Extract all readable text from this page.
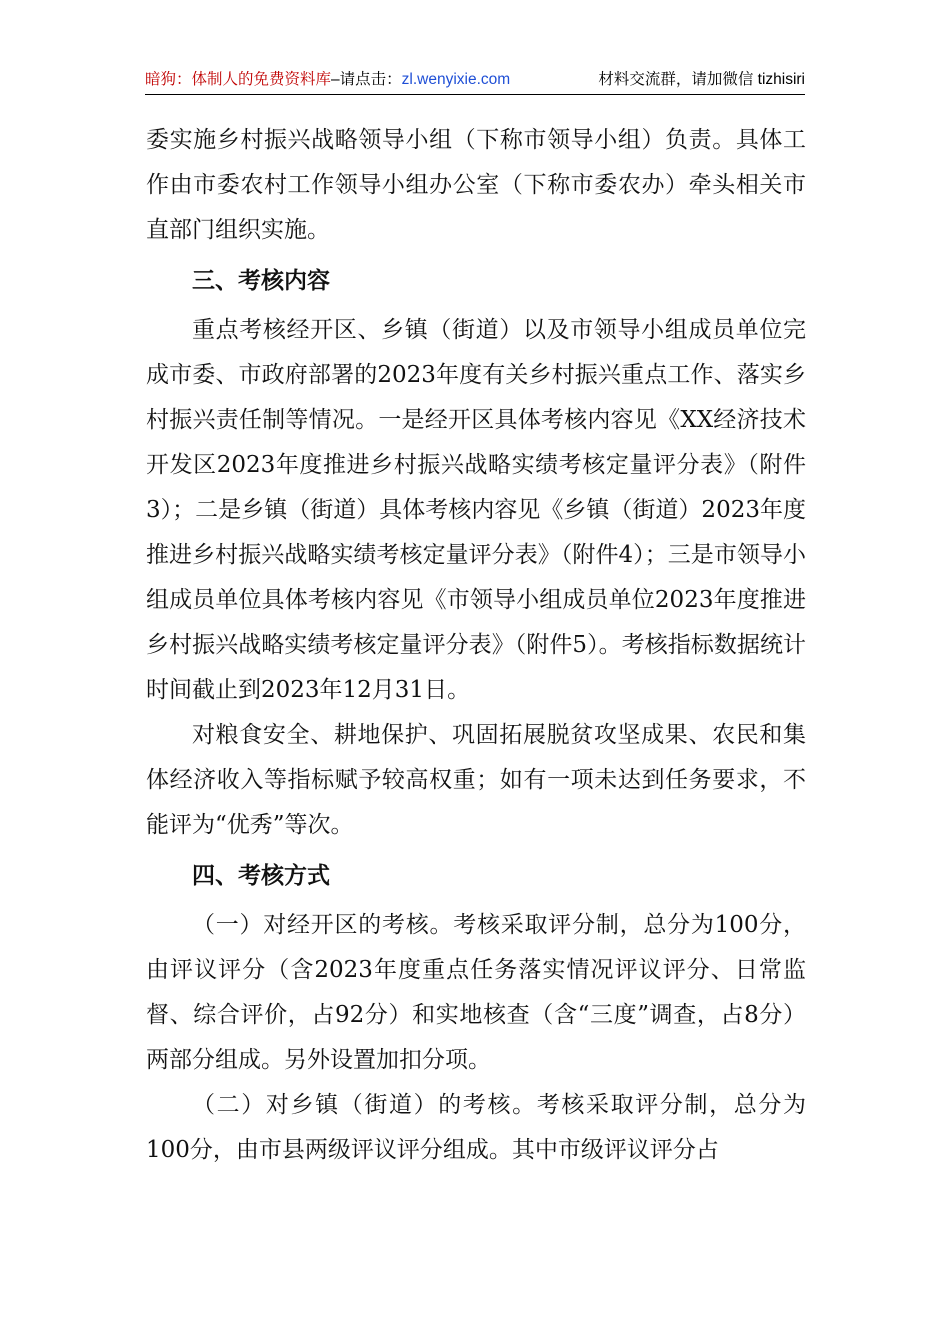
暗狗：体制人的免费资料库–请点击：zl.wenyixie.com	材料交流群，请加微信 tizhisiri

委实施乡村振兴战略领导小组（下称市领导小组）负责。具体工作由市委农村工作领导小组办公室（下称市委农办）牵头相关市直部门组织实施。

三、考核内容

重点考核经开区、乡镇（街道）以及市领导小组成员单位完成市委、市政府部署的2023年度有关乡村振兴重点工作、落实乡村振兴责任制等情况。一是经开区具体考核内容见《XX经济技术开发区2023年度推进乡村振兴战略实绩考核定量评分表》（附件3）；二是乡镇（街道）具体考核内容见《乡镇（街道）2023年度推进乡村振兴战略实绩考核定量评分表》（附件4）；三是市领导小组成员单位具体考核内容见《市领导小组成员单位2023年度推进乡村振兴战略实绩考核定量评分表》（附件5）。考核指标数据统计时间截止到2023年12月31日。

对粮食安全、耕地保护、巩固拓展脱贫攻坚成果、农民和集体经济收入等指标赋予较高权重；如有一项未达到任务要求，不能评为“优秀”等次。

四、考核方式

（一）对经开区的考核。考核采取评分制，总分为100分，由评议评分（含2023年度重点任务落实情况评议评分、日常监督、综合评价，占92分）和实地核查（含“三度”调查，占8分）两部分组成。另外设置加扣分项。

（二）对乡镇（街道）的考核。考核采取评分制，总分为100分，由市县两级评议评分组成。其中市级评议评分占
